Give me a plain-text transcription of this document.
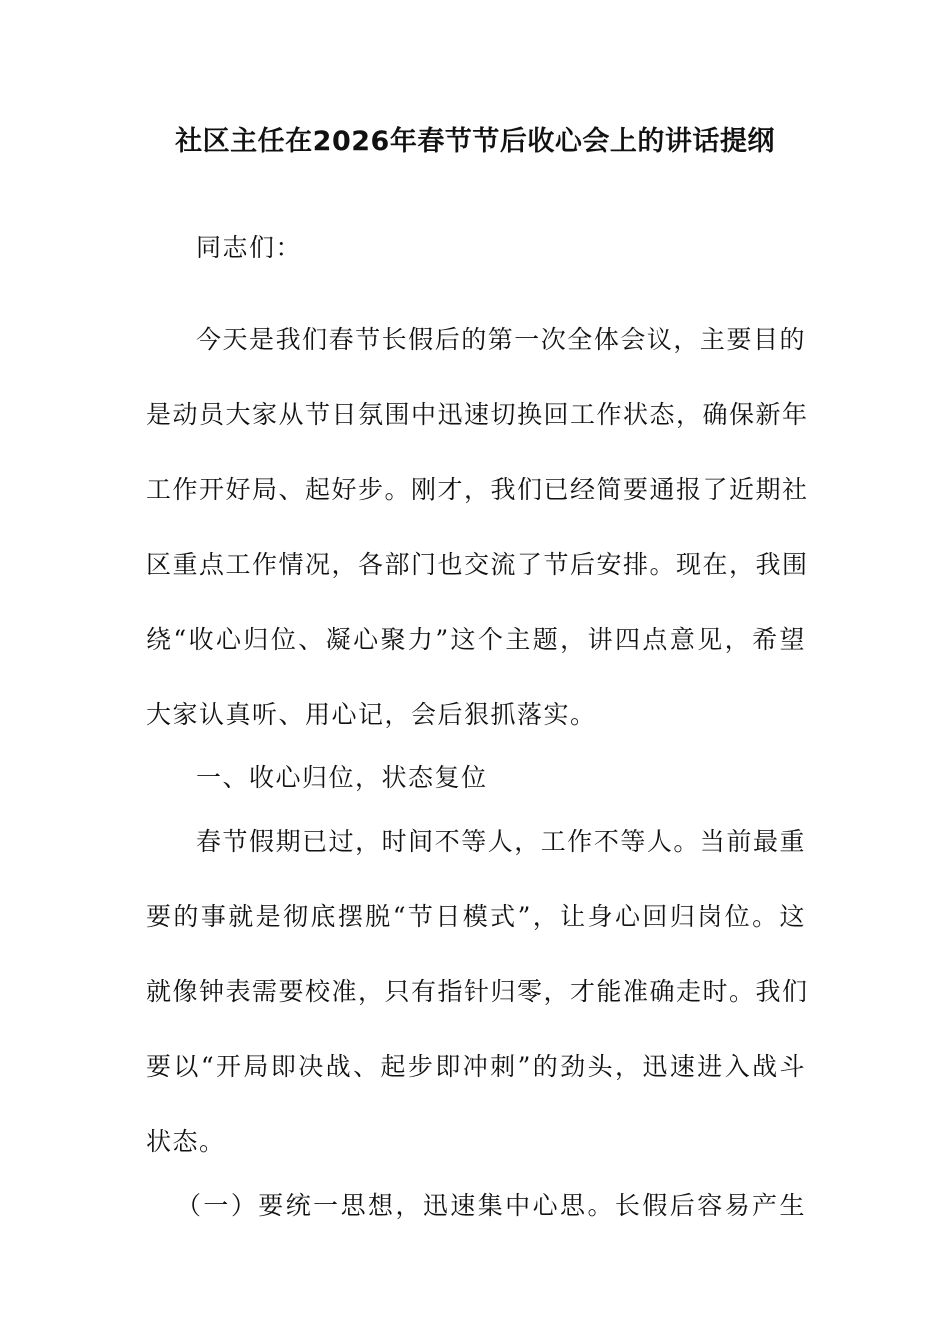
社区主任在2026年春节节后收心会上的讲话提纲
同志们：
今天是我们春节长假后的第一次全体会议，主要目的
是动员大家从节日氛围中迅速切换回工作状态，确保新年
工作开好局、起好步。刚才，我们已经简要通报了近期社
区重点工作情况，各部门也交流了节后安排。现在，我围
绕“收心归位、凝心聚力”这个主题，讲四点意见，希望
大家认真听、用心记，会后狠抓落实。
一、收心归位，状态复位
春节假期已过，时间不等人，工作不等人。当前最重
要的事就是彻底摆脱“节日模式”，让身心回归岗位。这
就像钟表需要校准，只有指针归零，才能准确走时。我们
要以“开局即决战、起步即冲刺”的劲头，迅速进入战斗
状态。
（一）要统一思想，迅速集中心思。长假后容易产生
